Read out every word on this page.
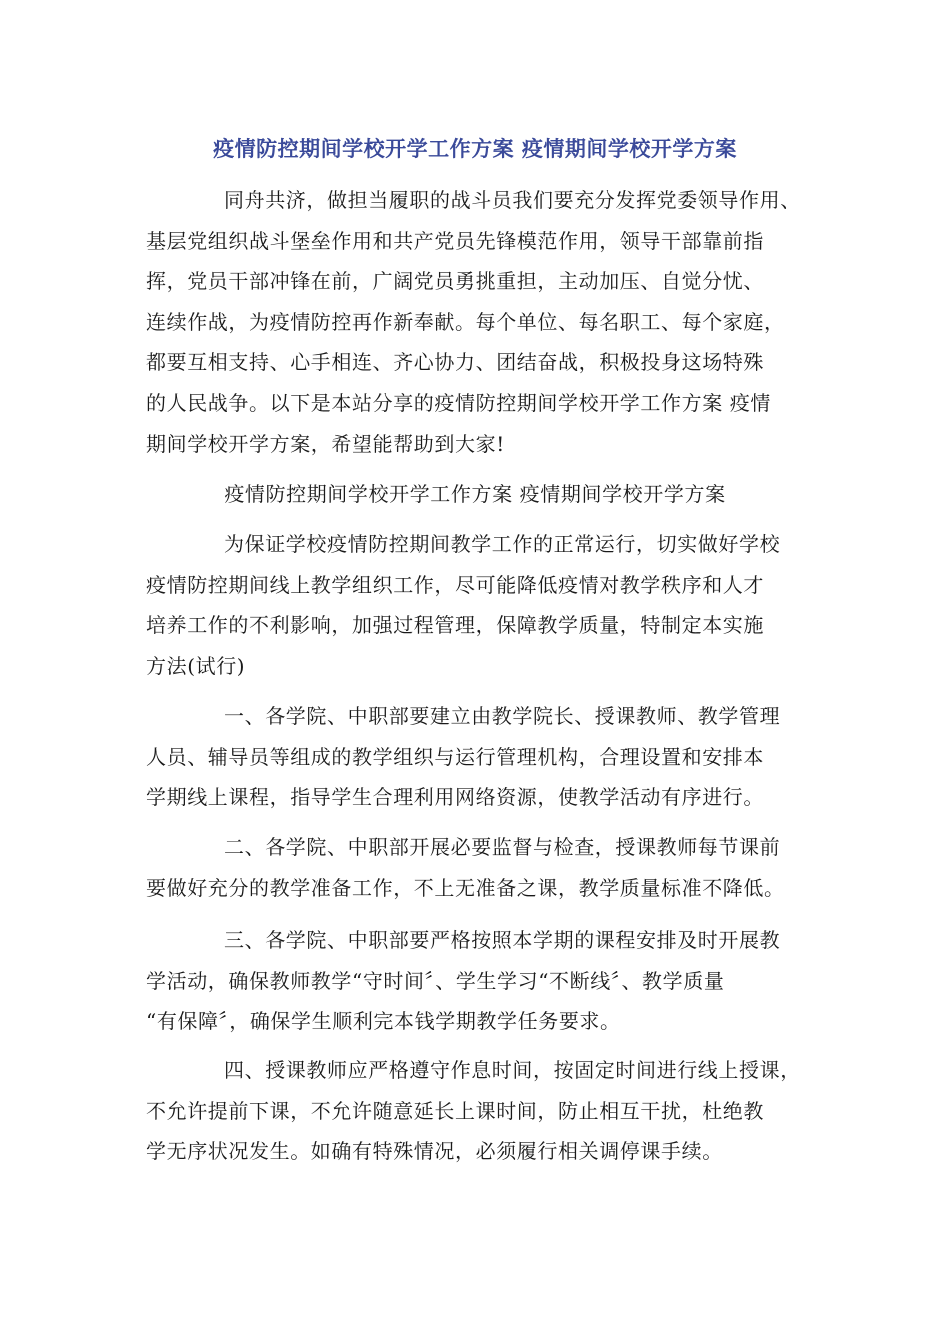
疫情防控期间学校开学工作方案 疫情期间学校开学方案
同舟共济，做担当履职的战斗员我们要充分发挥党委领导作用、
基层党组织战斗堡垒作用和共产党员先锋模范作用，领导干部靠前指
挥，党员干部冲锋在前，广阔党员勇挑重担，主动加压、自觉分忧、
连续作战，为疫情防控再作新奉献。每个单位、每名职工、每个家庭，
都要互相支持、心手相连、齐心协力、团结奋战，积极投身这场特殊
的人民战争。以下是本站分享的疫情防控期间学校开学工作方案 疫情
期间学校开学方案，希望能帮助到大家!
疫情防控期间学校开学工作方案 疫情期间学校开学方案
为保证学校疫情防控期间教学工作的正常运行，切实做好学校
疫情防控期间线上教学组织工作，尽可能降低疫情对教学秩序和人才
培养工作的不利影响，加强过程管理，保障教学质量，特制定本实施
方法(试行)
一、各学院、中职部要建立由教学院长、授课教师、教学管理
人员、辅导员等组成的教学组织与运行管理机构，合理设置和安排本
学期线上课程，指导学生合理利用网络资源，使教学活动有序进行。
二、各学院、中职部开展必要监督与检查，授课教师每节课前
要做好充分的教学准备工作，不上无准备之课，教学质量标准不降低。
三、各学院、中职部要严格按照本学期的课程安排及时开展教
学活动，确保教师教学“守时间〞、学生学习“不断线〞、教学质量
“有保障〞，确保学生顺利完本钱学期教学任务要求。
四、授课教师应严格遵守作息时间，按固定时间进行线上授课，
不允许提前下课，不允许随意延长上课时间，防止相互干扰，杜绝教
学无序状况发生。如确有特殊情况，必须履行相关调停课手续。
